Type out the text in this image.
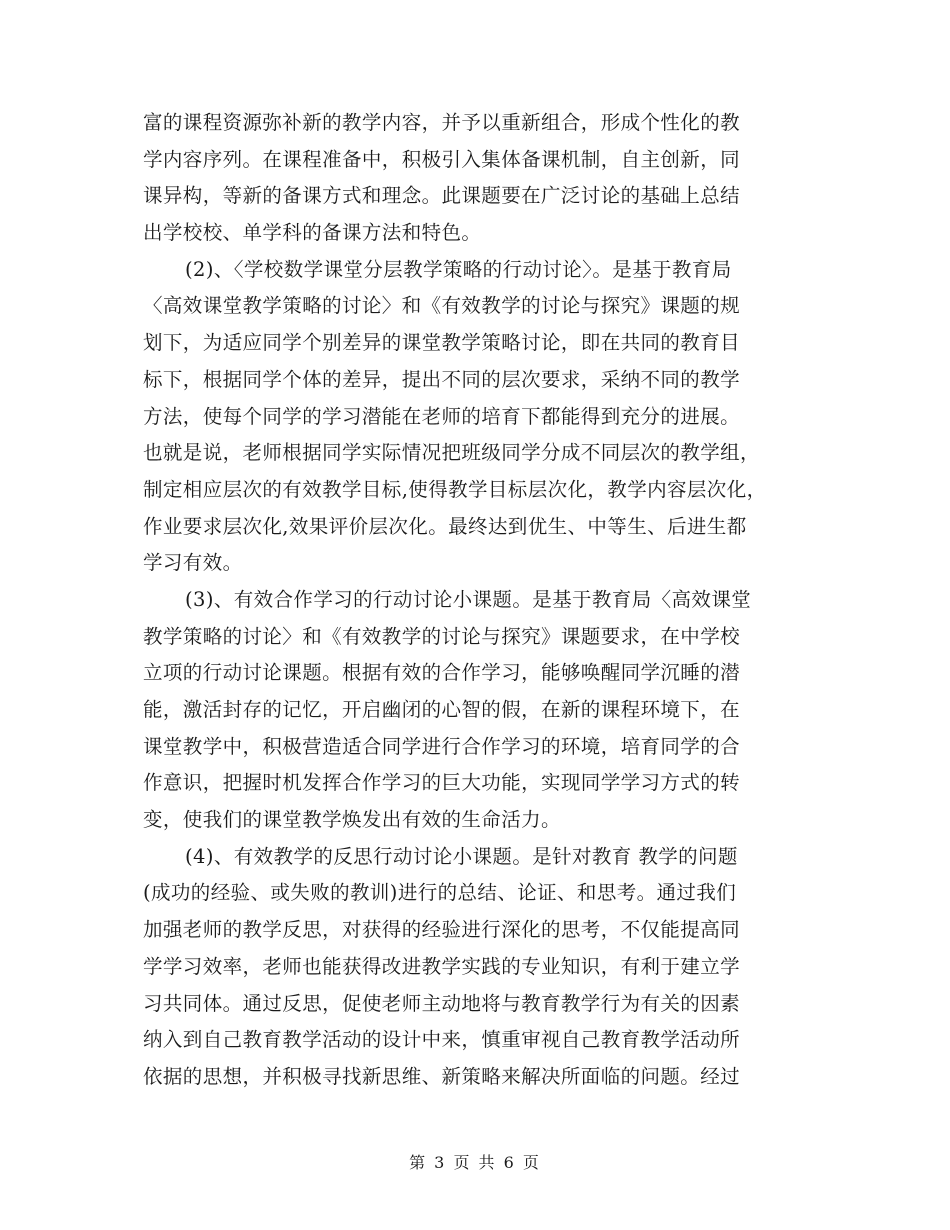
富的课程资源弥补新的教学内容，并予以重新组合，形成个性化的教
学内容序列。在课程准备中，积极引入集体备课机制，自主创新，同
课异构，等新的备课方式和理念。此课题要在广泛讨论的基础上总结
出学校校、单学科的备课方法和特色。
(2)、〈学校数学课堂分层教学策略的行动讨论〉。是基于教育局
〈高效课堂教学策略的讨论〉和《有效教学的讨论与探究》课题的规
划下，为适应同学个别差异的课堂教学策略讨论，即在共同的教育目
标下，根据同学个体的差异，提出不同的层次要求，采纳不同的教学
方法，使每个同学的学习潜能在老师的培育下都能得到充分的进展。
也就是说，老师根据同学实际情况把班级同学分成不同层次的教学组，
制定相应层次的有效教学目标,使得教学目标层次化，教学内容层次化，
作业要求层次化,效果评价层次化。最终达到优生、中等生、后进生都
学习有效。
(3)、有效合作学习的行动讨论小课题。是基于教育局〈高效课堂
教学策略的讨论〉和《有效教学的讨论与探究》课题要求，在中学校
立项的行动讨论课题。根据有效的合作学习，能够唤醒同学沉睡的潜
能，激活封存的记忆，开启幽闭的心智的假，在新的课程环境下，在
课堂教学中，积极营造适合同学进行合作学习的环境，培育同学的合
作意识，把握时机发挥合作学习的巨大功能，实现同学学习方式的转
变，使我们的课堂教学焕发出有效的生命活力。
(4)、有效教学的反思行动讨论小课题。是针对教育 教学的问题
(成功的经验、或失败的教训)进行的总结、论证、和思考。通过我们
加强老师的教学反思，对获得的经验进行深化的思考，不仅能提高同
学学习效率，老师也能获得改进教学实践的专业知识，有利于建立学
习共同体。通过反思，促使老师主动地将与教育教学行为有关的因素
纳入到自己教育教学活动的设计中来，慎重审视自己教育教学活动所
依据的思想，并积极寻找新思维、新策略来解决所面临的问题。经过
第 3 页 共 6 页
